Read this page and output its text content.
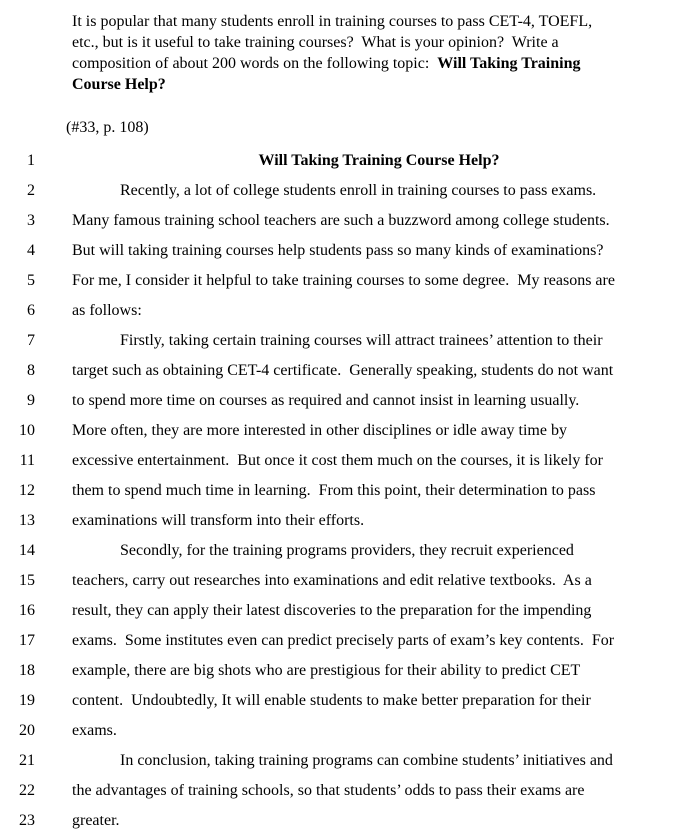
It is popular that many students enroll in training courses to pass CET-4, TOEFL,
etc., but is it useful to take training courses?  What is your opinion?  Write a
composition of about 200 words on the following topic:  Will Taking Training
Course Help?
(#33, p. 108)
1	Will Taking Training Course Help?
2	Recently, a lot of college students enroll in training courses to pass exams.
3 Many famous training school teachers are such a buzzword among college students.
4 But will taking training courses help students pass so many kinds of examinations?
5 For me, I consider it helpful to take training courses to some degree.  My reasons are
6 as follows:
7	Firstly, taking certain training courses will attract trainees’ attention to their
8 target such as obtaining CET-4 certificate.  Generally speaking, students do not want
9 to spend more time on courses as required and cannot insist in learning usually.
10 More often, they are more interested in other disciplines or idle away time by
11 excessive entertainment.  But once it cost them much on the courses, it is likely for
12 them to spend much time in learning.  From this point, their determination to pass
13 examinations will transform into their efforts.
14	Secondly, for the training programs providers, they recruit experienced
15 teachers, carry out researches into examinations and edit relative textbooks.  As a
16 result, they can apply their latest discoveries to the preparation for the impending
17 exams.  Some institutes even can predict precisely parts of exam’s key contents.  For
18 example, there are big shots who are prestigious for their ability to predict CET
19 content.  Undoubtedly, It will enable students to make better preparation for their
20 exams.
21	In conclusion, taking training programs can combine students’ initiatives and
22 the advantages of training schools, so that students’ odds to pass their exams are
23 greater.
